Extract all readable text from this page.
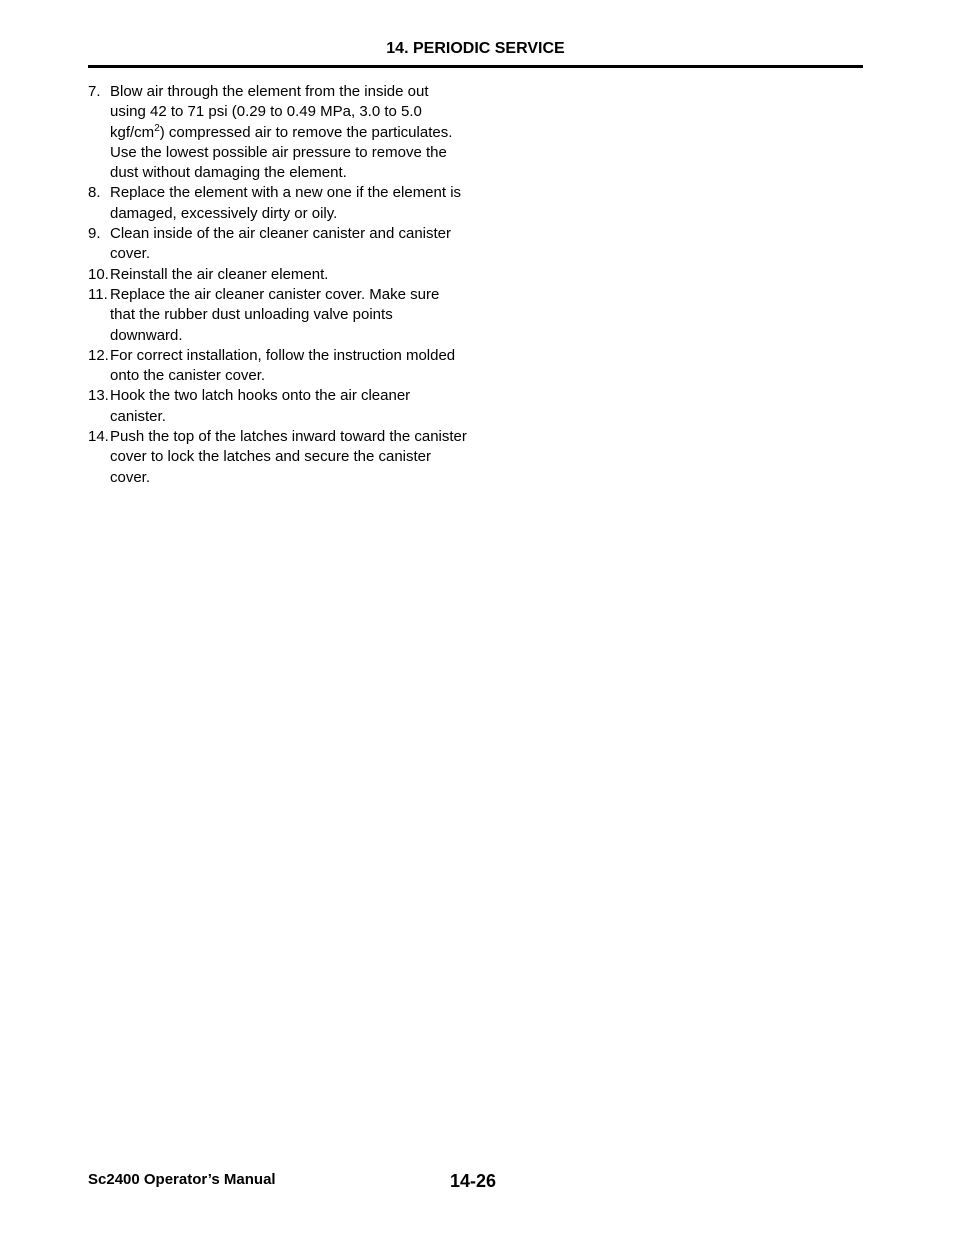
14. PERIODIC SERVICE
7. Blow air through the element from the inside out using 42 to 71 psi (0.29 to 0.49 MPa, 3.0 to 5.0 kgf/$cm^2$) compressed air to remove the particulates. Use the lowest possible air pressure to remove the dust without damaging the element.
8. Replace the element with a new one if the element is damaged, excessively dirty or oily.
9. Clean inside of the air cleaner canister and canister cover.
10. Reinstall the air cleaner element.
11. Replace the air cleaner canister cover. Make sure that the rubber dust unloading valve points downward.
12. For correct installation, follow the instruction molded onto the canister cover.
13. Hook the two latch hooks onto the air cleaner canister.
14. Push the top of the latches inward toward the canister cover to lock the latches and secure the canister cover.
Sc2400 Operator’s Manual	14-26
